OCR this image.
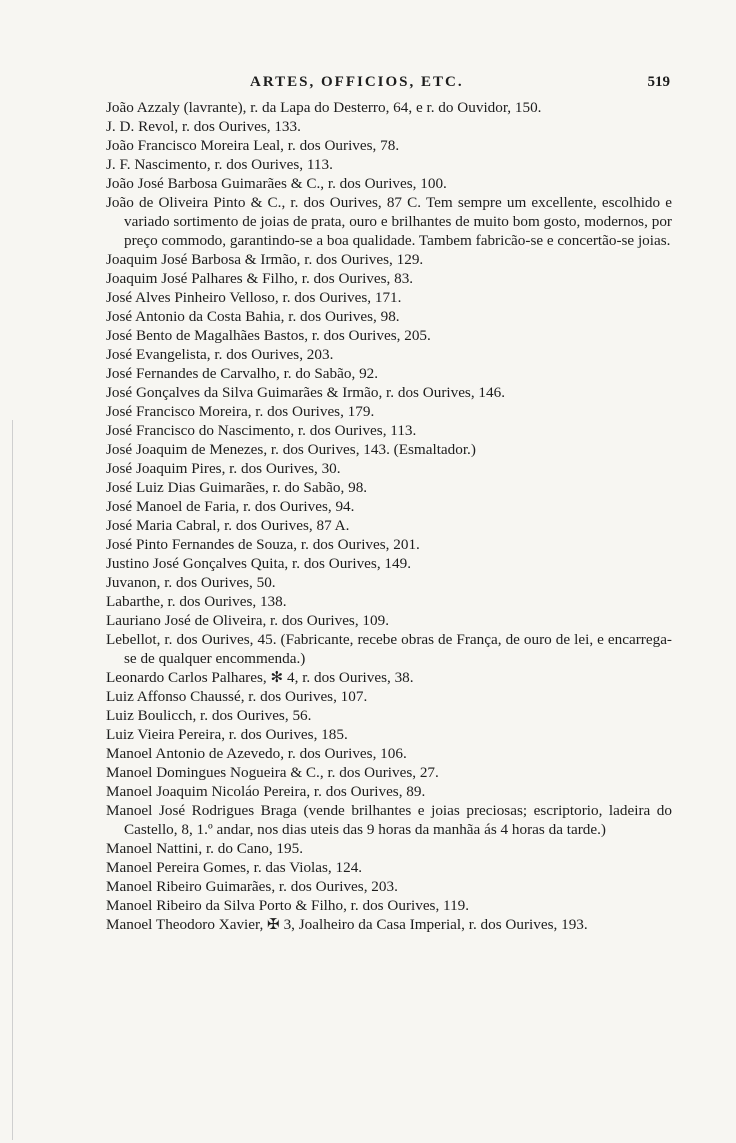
ARTES, OFFICIOS, ETC.	519

João Azzaly (lavrante), r. da Lapa do Desterro, 64, e r. do Ouvidor, 150.

J. D. Revol, r. dos Ourives, 133.

João Francisco Moreira Leal, r. dos Ourives, 78.

J. F. Nascimento, r. dos Ourives, 113.

João José Barbosa Guimarães & C., r. dos Ourives, 100.

João de Oliveira Pinto & C., r. dos Ourives, 87 C. Tem sempre um excellente, escolhido e variado sortimento de joias de prata, ouro e brilhantes de muito bom gosto, modernos, por preço commodo, garantindo-se a boa qualidade. Tambem fabricão-se e concertão-se joias.

Joaquim José Barbosa & Irmão, r. dos Ourives, 129.

Joaquim José Palhares & Filho, r. dos Ourives, 83.

José Alves Pinheiro Velloso, r. dos Ourives, 171.

José Antonio da Costa Bahia, r. dos Ourives, 98.

José Bento de Magalhães Bastos, r. dos Ourives, 205.

José Evangelista, r. dos Ourives, 203.

José Fernandes de Carvalho, r. do Sabão, 92.

José Gonçalves da Silva Guimarães & Irmão, r. dos Ourives, 146.

José Francisco Moreira, r. dos Ourives, 179.

José Francisco do Nascimento, r. dos Ourives, 113.

José Joaquim de Menezes, r. dos Ourives, 143. (Esmaltador.)

José Joaquim Pires, r. dos Ourives, 30.

José Luiz Dias Guimarães, r. do Sabão, 98.

José Manoel de Faria, r. dos Ourives, 94.

José Maria Cabral, r. dos Ourives, 87 A.

José Pinto Fernandes de Souza, r. dos Ourives, 201.

Justino José Gonçalves Quita, r. dos Ourives, 149.

Juvanon, r. dos Ourives, 50.

Labarthe, r. dos Ourives, 138.

Lauriano José de Oliveira, r. dos Ourives, 109.

Lebellot, r. dos Ourives, 45. (Fabricante, recebe obras de França, de ouro de lei, e encarrega-se de qualquer encommenda.)

Leonardo Carlos Palhares, ✻ 4, r. dos Ourives, 38.

Luiz Affonso Chaussé, r. dos Ourives, 107.

Luiz Boulicch, r. dos Ourives, 56.

Luiz Vieira Pereira, r. dos Ourives, 185.

Manoel Antonio de Azevedo, r. dos Ourives, 106.

Manoel Domingues Nogueira & C., r. dos Ourives, 27.

Manoel Joaquim Nicoláo Pereira, r. dos Ourives, 89.

Manoel José Rodrigues Braga (vende brilhantes e joias preciosas; escriptorio, ladeira do Castello, 8, 1.º andar, nos dias uteis das 9 horas da manhãa ás 4 horas da tarde.)

Manoel Nattini, r. do Cano, 195.

Manoel Pereira Gomes, r. das Violas, 124.

Manoel Ribeiro Guimarães, r. dos Ourives, 203.

Manoel Ribeiro da Silva Porto & Filho, r. dos Ourives, 119.

Manoel Theodoro Xavier, ✠ 3, Joalheiro da Casa Imperial, r. dos Ourives, 193.
